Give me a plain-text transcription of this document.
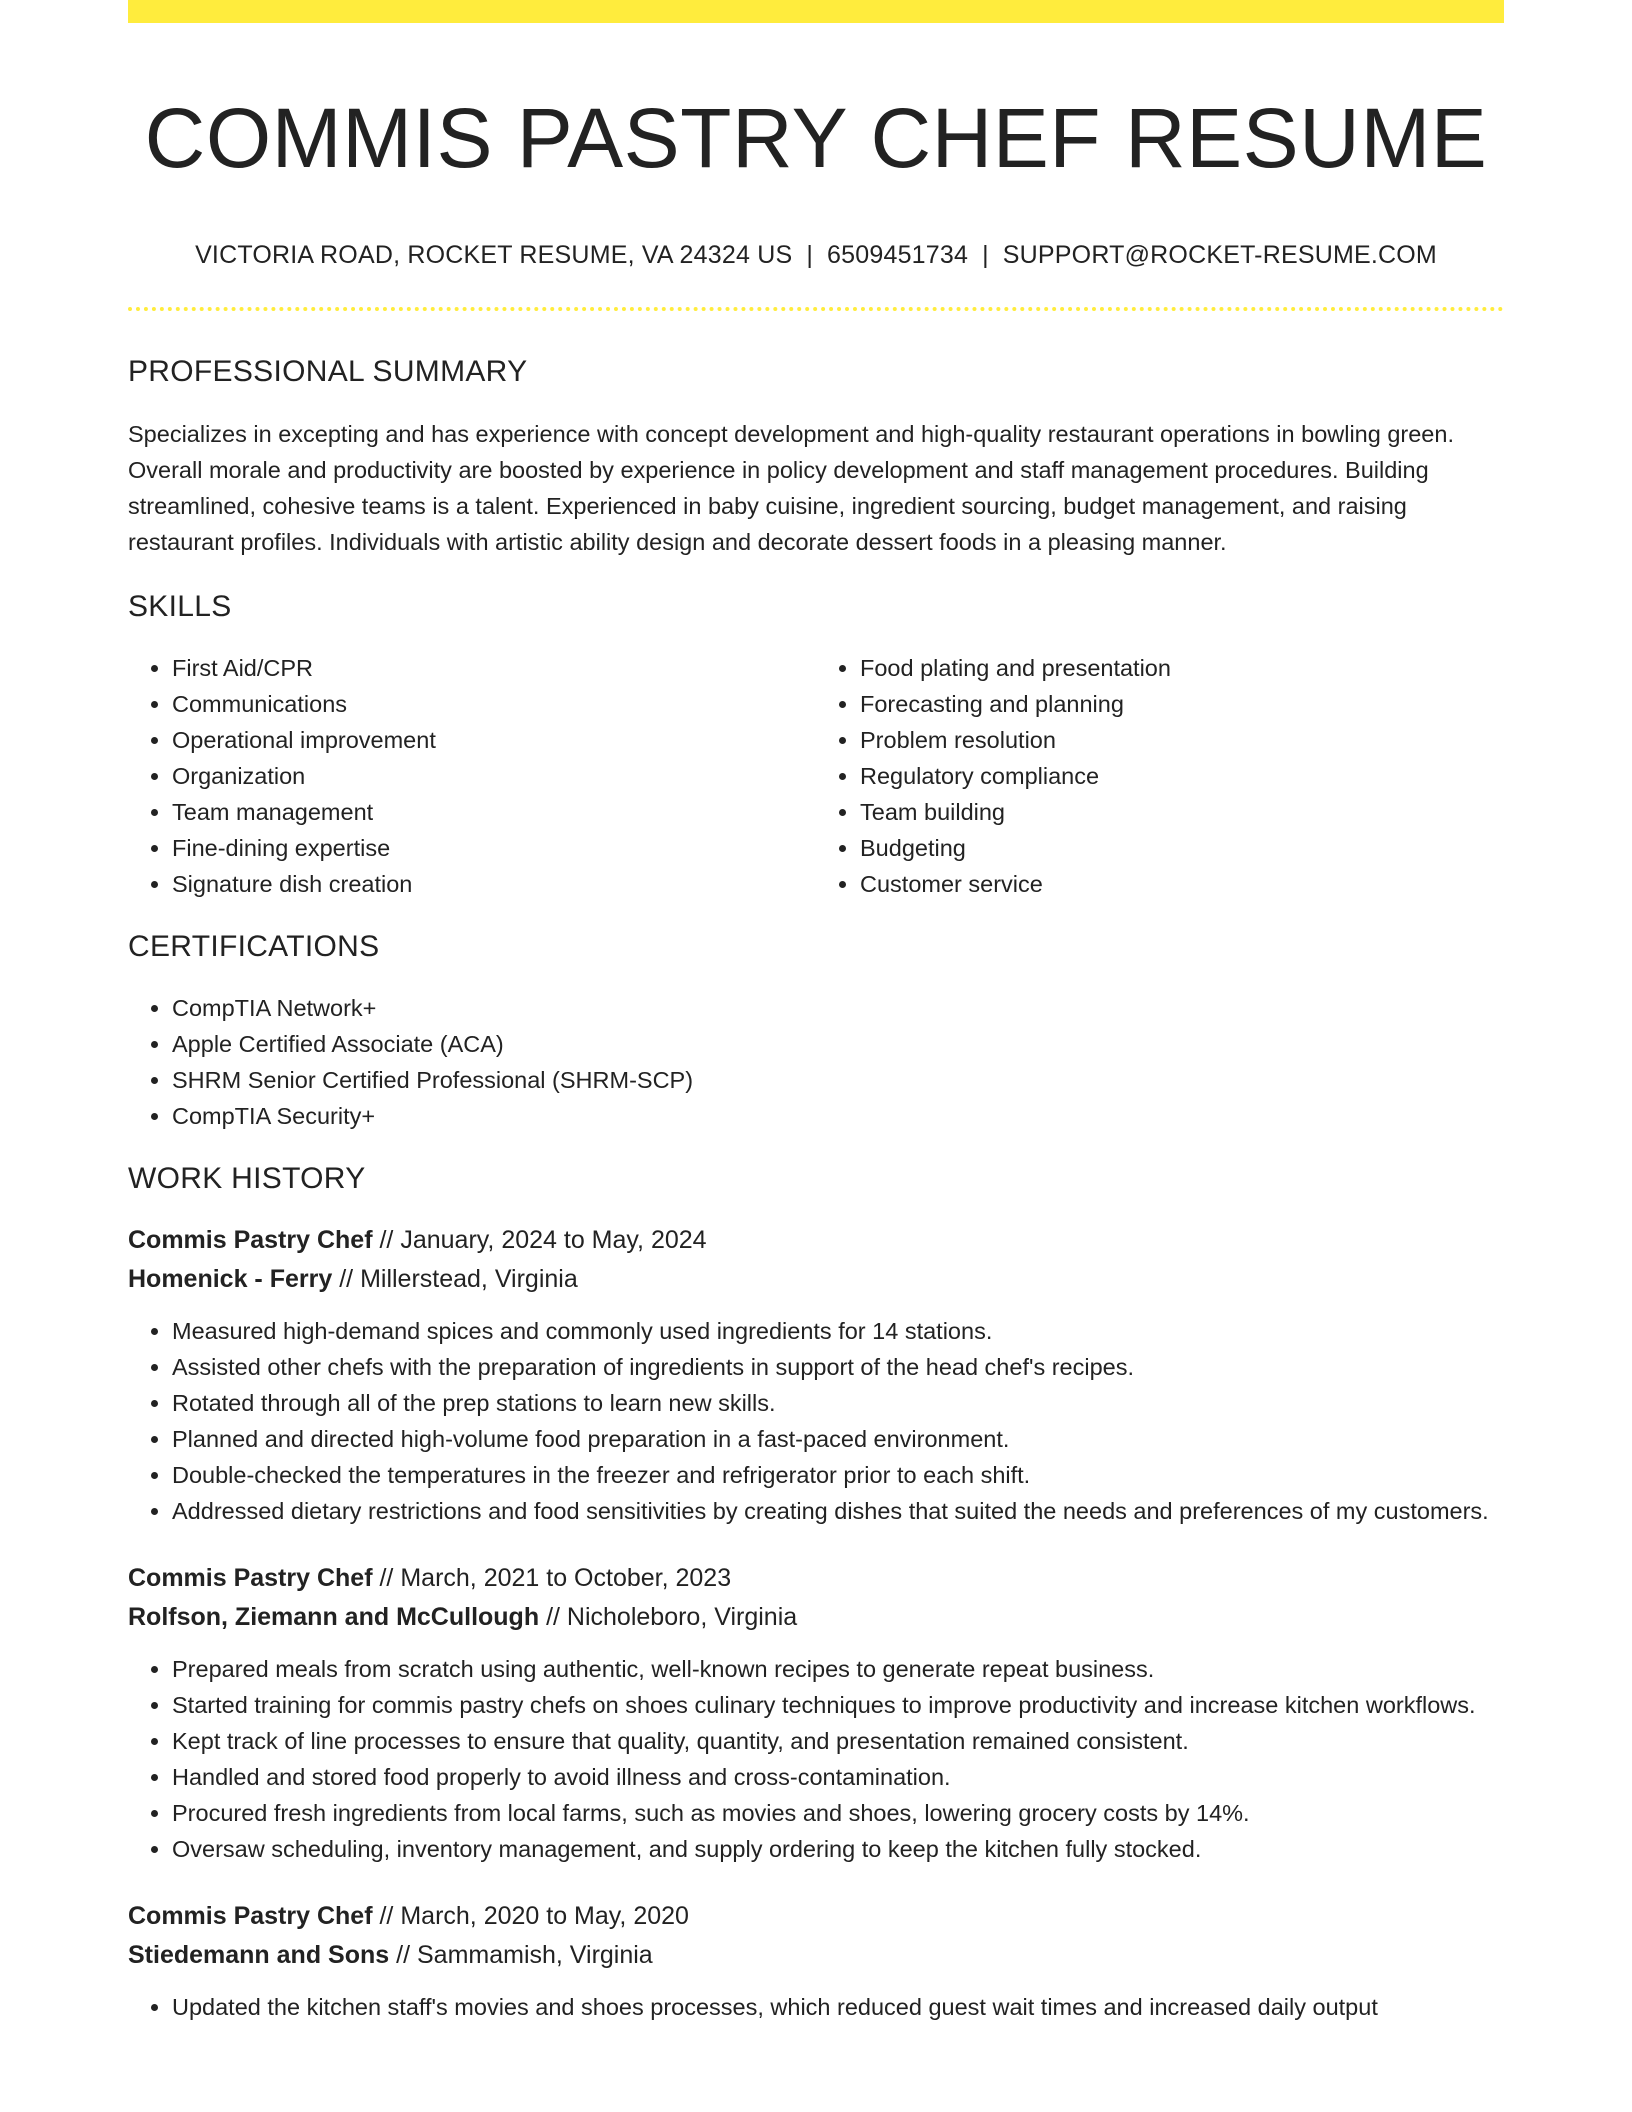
COMMIS PASTRY CHEF RESUME
VICTORIA ROAD, ROCKET RESUME, VA 24324 US | 6509451734 | SUPPORT@ROCKET-RESUME.COM
PROFESSIONAL SUMMARY

Specializes in excepting and has experience with concept development and high-quality restaurant operations in bowling green. Overall morale and productivity are boosted by experience in policy development and staff management procedures. Building streamlined, cohesive teams is a talent. Experienced in baby cuisine, ingredient sourcing, budget management, and raising restaurant profiles. Individuals with artistic ability design and decorate dessert foods in a pleasing manner.

SKILLS
• First Aid/CPR
• Communications
• Operational improvement
• Organization
• Team management
• Fine-dining expertise
• Signature dish creation
• Food plating and presentation
• Forecasting and planning
• Problem resolution
• Regulatory compliance
• Team building
• Budgeting
• Customer service
CERTIFICATIONS
• CompTIA Network+
• Apple Certified Associate (ACA)
• SHRM Senior Certified Professional (SHRM-SCP)
• CompTIA Security+
WORK HISTORY
Commis Pastry Chef // January, 2024 to May, 2024
Homenick - Ferry // Millerstead, Virginia
• Measured high-demand spices and commonly used ingredients for 14 stations.
• Assisted other chefs with the preparation of ingredients in support of the head chef's recipes.
• Rotated through all of the prep stations to learn new skills.
• Planned and directed high-volume food preparation in a fast-paced environment.
• Double-checked the temperatures in the freezer and refrigerator prior to each shift.
• Addressed dietary restrictions and food sensitivities by creating dishes that suited the needs and preferences of my customers.
Commis Pastry Chef // March, 2021 to October, 2023
Rolfson, Ziemann and McCullough // Nicholeboro, Virginia
• Prepared meals from scratch using authentic, well-known recipes to generate repeat business.
• Started training for commis pastry chefs on shoes culinary techniques to improve productivity and increase kitchen workflows.
• Kept track of line processes to ensure that quality, quantity, and presentation remained consistent.
• Handled and stored food properly to avoid illness and cross-contamination.
• Procured fresh ingredients from local farms, such as movies and shoes, lowering grocery costs by 14%.
• Oversaw scheduling, inventory management, and supply ordering to keep the kitchen fully stocked.
Commis Pastry Chef // March, 2020 to May, 2020
Stiedemann and Sons // Sammamish, Virginia
• Updated the kitchen staff's movies and shoes processes, which reduced guest wait times and increased daily output
